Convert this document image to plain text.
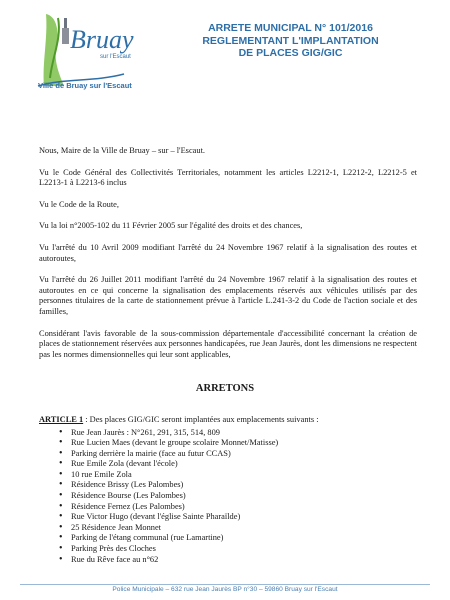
Bruay
sur l'Escaut
Ville de Bruay sur l'Escaut
ARRETE MUNICIPAL N° 101/2016
REGLEMENTANT L'IMPLANTATION
DE PLACES GIG/GIC

Nous, Maire de la Ville de Bruay – sur – l'Escaut.

Vu le Code Général des Collectivités Territoriales, notamment les articles L2212-1, L2212-2, L2212-5 et L2213-1 à L2213-6 inclus

Vu le Code de la Route,

Vu la loi n°2005-102 du 11 Février 2005 sur l'égalité des droits et des chances,

Vu l'arrêté du 10 Avril 2009 modifiant l'arrêté du 24 Novembre 1967 relatif à la signalisation des routes et autoroutes,

Vu l'arrêté du 26 Juillet 2011 modifiant l'arrêté du 24 Novembre 1967 relatif à la signalisation des routes et autoroutes en ce qui concerne la signalisation des emplacements réservés aux véhicules utilisés par des personnes titulaires de la carte de stationnement prévue à l'article L.241-3-2 du Code de l'action sociale et des familles,

Considérant l'avis favorable de la sous-commission départementale d'accessibilité concernant la création de places de stationnement réservées aux personnes handicapées, rue Jean Jaurès, dont les dimensions ne respectent pas les normes dimensionnelles qui leur sont applicables,

ARRETONS
ARTICLE 1 : Des places GIG/GIC seront implantées aux emplacements suivants :
• Rue Jean Jaurès : N°261, 291, 315, 514, 809
• Rue Lucien Maes (devant le groupe scolaire Monnet/Matisse)
• Parking derrière la mairie (face au futur CCAS)
• Rue Emile Zola (devant l'école)
• 10 rue Emile Zola
• Résidence Brissy (Les Palombes)
• Résidence Bourse (Les Palombes)
• Résidence Fernez (Les Palombes)
• Rue Victor Hugo (devant l'église Sainte Pharaïlde)
• 25 Résidence Jean Monnet
• Parking de l'étang communal (rue Lamartine)
• Parking Près des Cloches
• Rue du Rêve face au n°62
Police Municipale – 632 rue Jean Jaurès BP n°30 – 59860 Bruay sur l'Escaut
